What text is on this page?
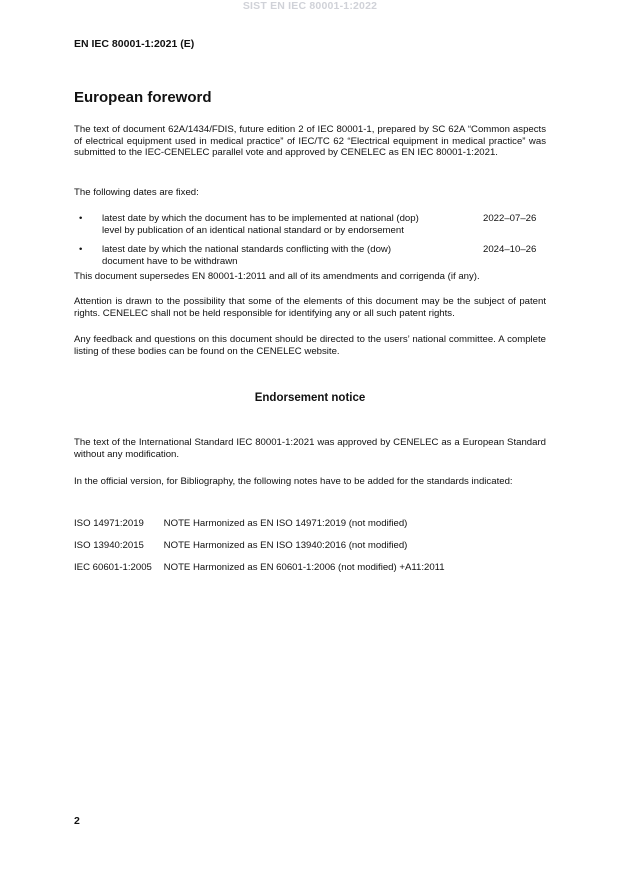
SIST EN IEC 80001-1:2022
EN IEC 80001-1:2021 (E)
European foreword
The text of document 62A/1434/FDIS, future edition 2 of IEC 80001-1, prepared by SC 62A “Common aspects of electrical equipment used in medical practice” of IEC/TC 62 “Electrical equipment in medical practice” was submitted to the IEC-CENELEC parallel vote and approved by CENELEC as EN IEC 80001-1:2021.
The following dates are fixed:
• latest date by which the document has to be implemented at national (dop)
level by publication of an identical national standard or by endorsement
2022–07–26
• latest date by which the national standards conflicting with the (dow)
document have to be withdrawn
2024–10–26
This document supersedes EN 80001-1:2011 and all of its amendments and corrigenda (if any).
Attention is drawn to the possibility that some of the elements of this document may be the subject of patent rights. CENELEC shall not be held responsible for identifying any or all such patent rights.
Any feedback and questions on this document should be directed to the users’ national committee. A complete listing of these bodies can be found on the CENELEC website.
Endorsement notice
The text of the International Standard IEC 80001-1:2021 was approved by CENELEC as a European Standard without any modification.
In the official version, for Bibliography, the following notes have to be added for the standards indicated:
ISO 14971:2019 NOTE Harmonized as EN ISO 14971:2019 (not modified)
ISO 13940:2015 NOTE Harmonized as EN ISO 13940:2016 (not modified)
IEC 60601-1:2005 NOTE Harmonized as EN 60601-1:2006 (not modified) +A11:2011
2
